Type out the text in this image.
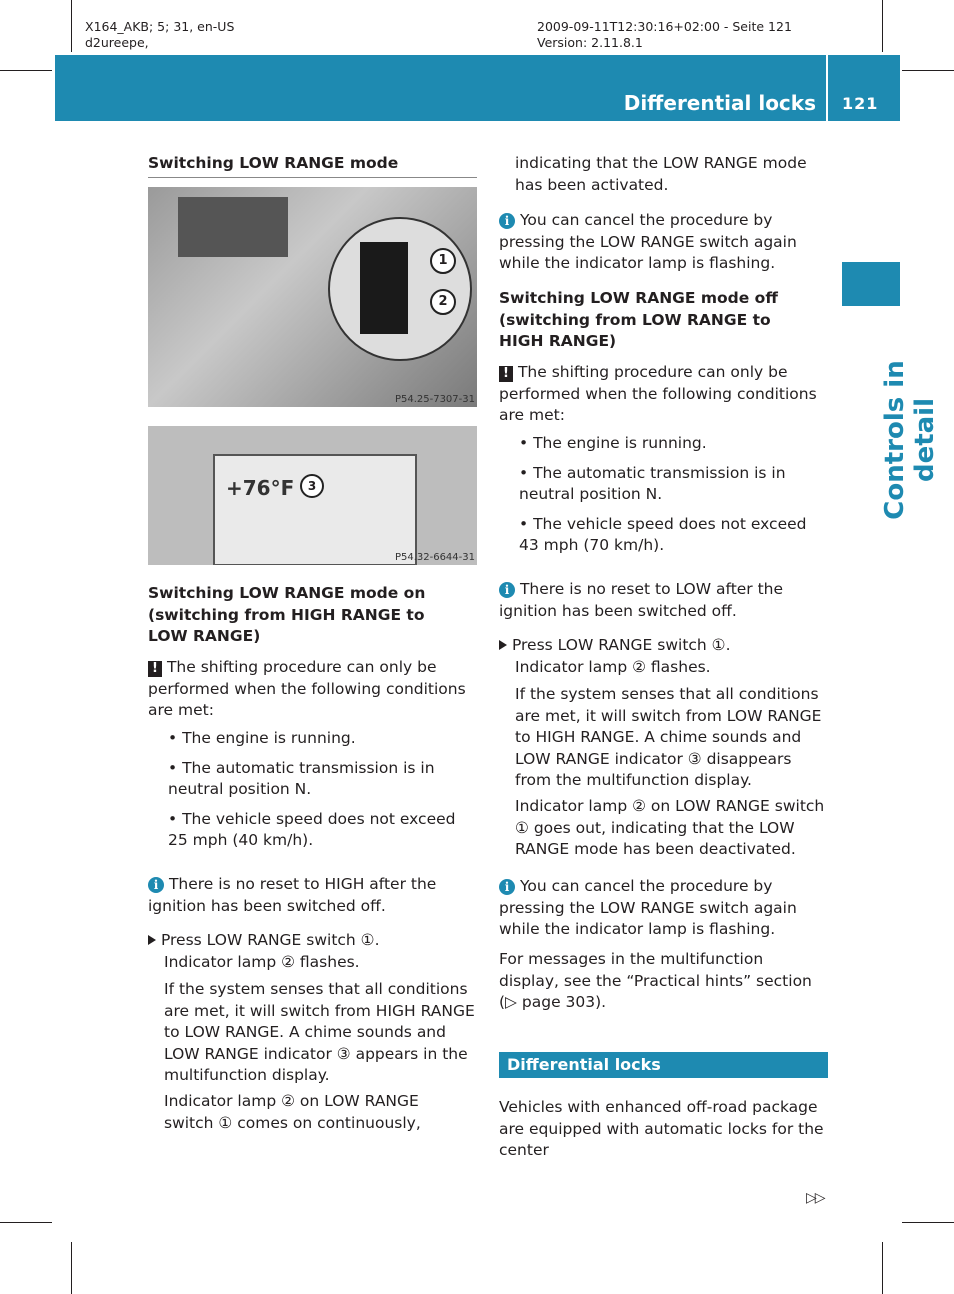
X164_AKB; 5; 31, en-US
d2ureepe,
2009-09-11T12:30:16+02:00 - Seite 121
Version: 2.11.8.1
Differential locks 121
Controls in detail
Switching LOW RANGE mode
1
2
P54.25-7307-31
+76°F	3
P54.32-6644-31
Switching LOW RANGE mode on (switching from HIGH RANGE to LOW RANGE)
! The shifting procedure can only be performed when the following conditions are met:

• The engine is running.

• The automatic transmission is in neutral position N.

• The vehicle speed does not exceed 25 mph (40 km/h).

i There is no reset to HIGH after the ignition has been switched off.
Press LOW RANGE switch ①.
Indicator lamp ② flashes.
If the system senses that all conditions are met, it will switch from HIGH RANGE to LOW RANGE. A chime sounds and LOW RANGE indicator ③ appears in the multifunction display.
Indicator lamp ② on LOW RANGE switch ① comes on continuously,
indicating that the LOW RANGE mode has been activated.
i You can cancel the procedure by pressing the LOW RANGE switch again while the indicator lamp is flashing.
Switching LOW RANGE mode off (switching from LOW RANGE to HIGH RANGE)
! The shifting procedure can only be performed when the following conditions are met:

• The engine is running.

• The automatic transmission is in neutral position N.

• The vehicle speed does not exceed 43 mph (70 km/h).

i There is no reset to LOW after the ignition has been switched off.
Press LOW RANGE switch ①.
Indicator lamp ② flashes.
If the system senses that all conditions are met, it will switch from LOW RANGE to HIGH RANGE. A chime sounds and LOW RANGE indicator ③ disappears from the multifunction display.
Indicator lamp ② on LOW RANGE switch ① goes out, indicating that the LOW RANGE mode has been deactivated.
i You can cancel the procedure by pressing the LOW RANGE switch again while the indicator lamp is flashing.
For messages in the multifunction display, see the “Practical hints” section (▷ page 303).
Differential locks
Vehicles with enhanced off-road package are equipped with automatic locks for the center
▷▷
